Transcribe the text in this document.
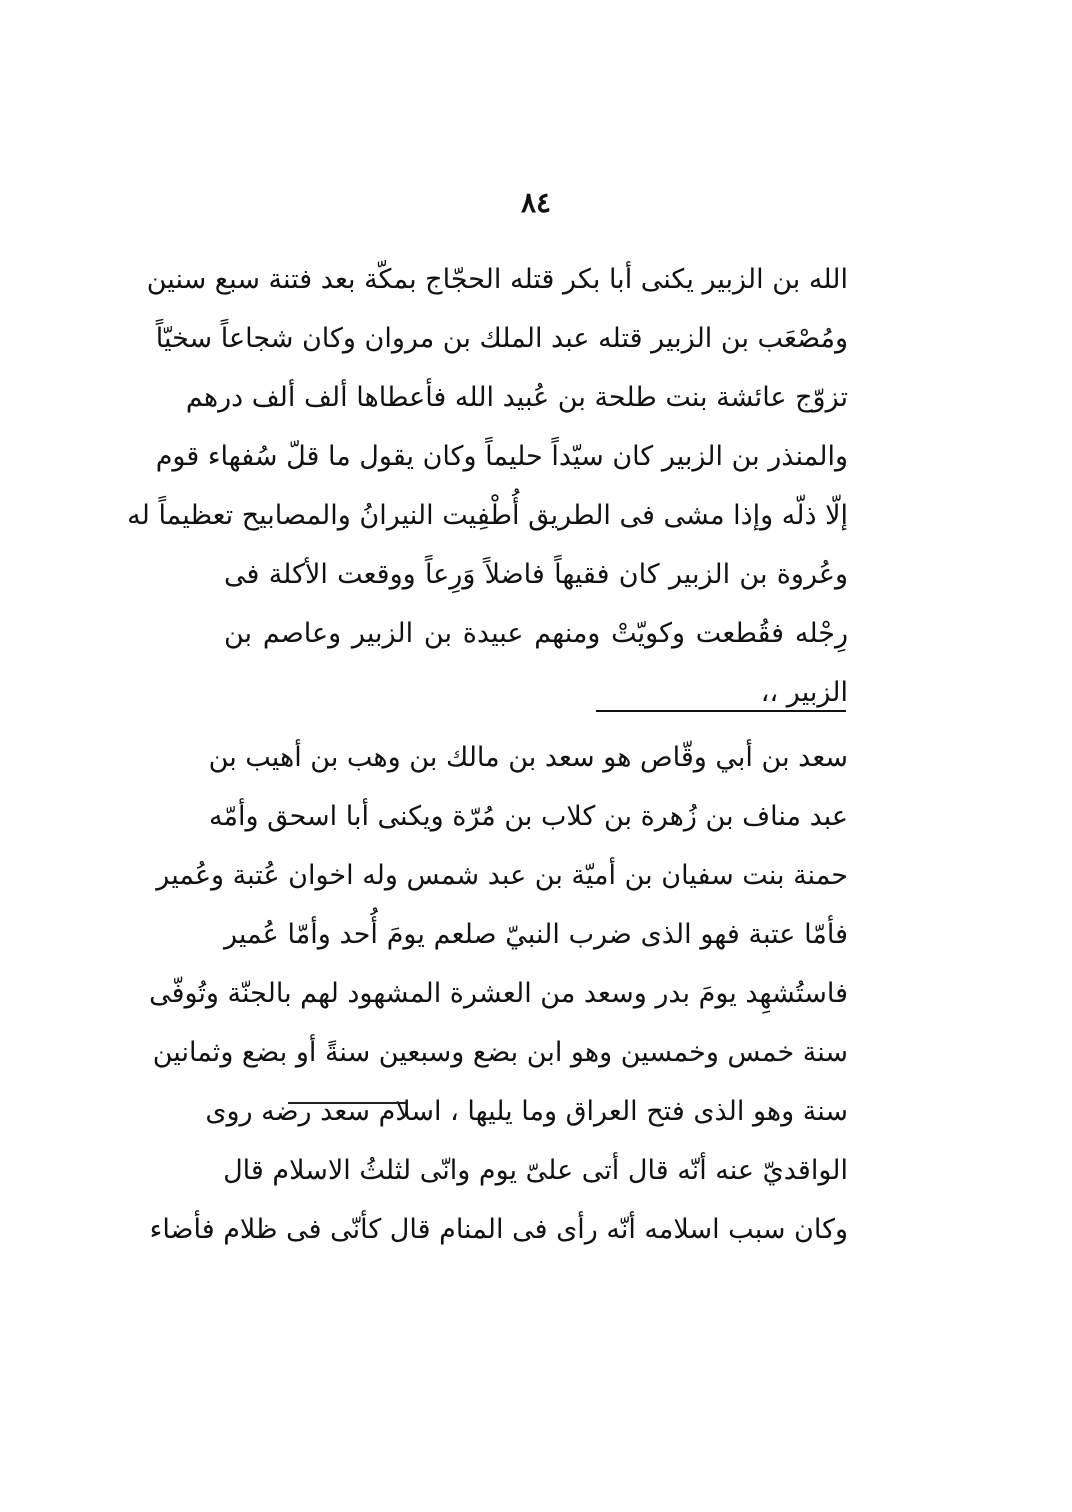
٨٤
الله بن الزبير يكنى أبا بكر قتله الحجّاج بمكّة بعد فتنة سبع سنين
ومُصْعَب بن الزبير قتله عبد الملك بن مروان وكان شجاعاً سخيّاً
تزوّج عائشة بنت طلحة بن عُبيد الله فأعطاها ألف ألف درهم
والمنذر بن الزبير كان سيّداً حليماً وكان يقول ما قلّ سُفهاء قوم
إلّا ذلّه وإذا مشى فى الطريق أُطْفِيت النيرانُ والمصابيح تعظيماً له
وعُروة بن الزبير كان فقيهاً فاضلاً وَرِعاً ووقعت الأكلة فى
رِجْله فقُطعت وكويّتْ ومنهم عبيدة بن الزبير وعاصم بن
الزبير ،،
سعد بن أبي وقّاص هو سعد بن مالك بن وهب بن أهيب بن
عبد مناف بن زُهرة بن كلاب بن مُرّة ويكنى أبا اسحق وأمّه
حمنة بنت سفيان بن أميّة بن عبد شمس وله اخوان عُتبة وعُمير
فأمّا عتبة فهو الذى ضرب النبيّ صلعم يومَ أُحد وأمّا عُمير
فاستُشهِد يومَ بدر وسعد من العشرة المشهود لهم بالجنّة وتُوفّى
سنة خمس وخمسين وهو ابن بضع وسبعين سنةً أو بضع وثمانين
سنة وهو الذى فتح العراق وما يليها ، اسلام سعد رضه روى
الواقديّ عنه أنّه قال أتى علىّ يوم وانّى لثلثُ الاسلام قال
وكان سبب اسلامه أنّه رأى فى المنام قال كأنّى فى ظلام فأضاء
